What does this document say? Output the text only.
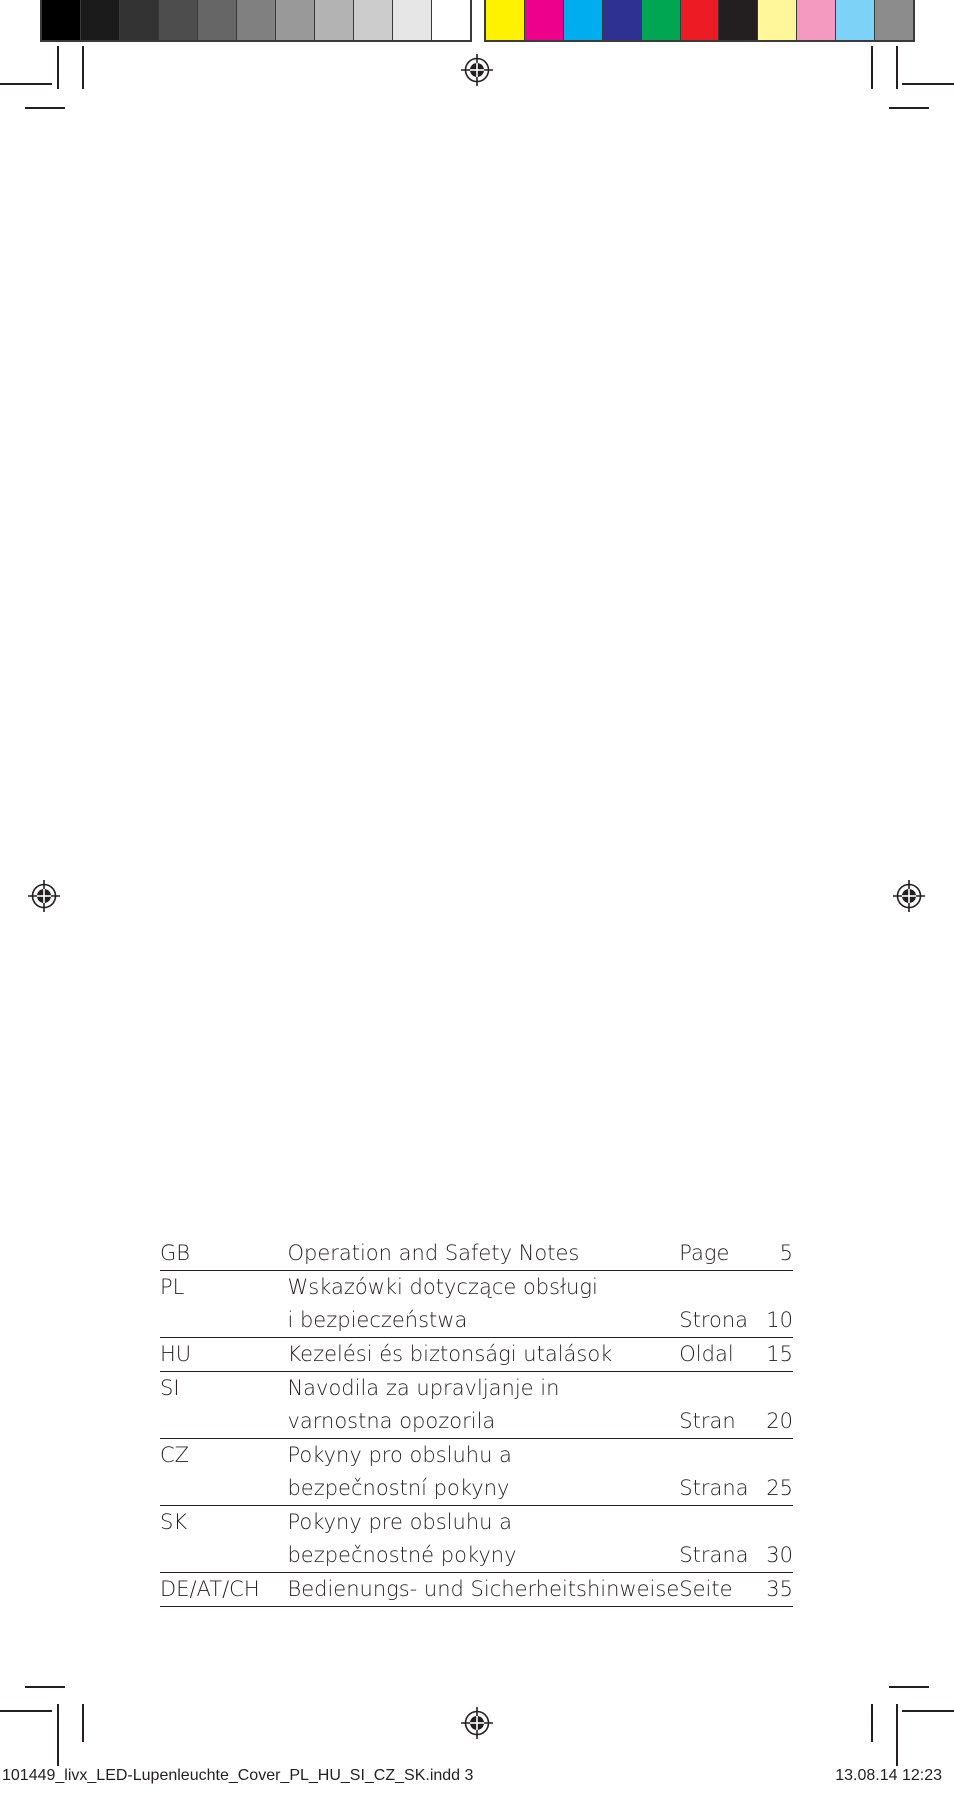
GB	Operation and Safety Notes	Page	5
PL	Wskazówki dotyczące obsługi		
	i bezpieczeństwa	Strona	10
HU	Kezelési és biztonsági utalások	Oldal	15
SI	Navodila za upravljanje in		
	varnostna opozorila	Stran	20
CZ	Pokyny pro obsluhu a		
	bezpečnostní pokyny	Strana	25
SK	Pokyny pre obsluhu a		
	bezpečnostné pokyny	Strana	30
DE/AT/CH	Bedienungs- und Sicherheitshinweise	Seite	35
101449_livx_LED-Lupenleuchte_Cover_PL_HU_SI_CZ_SK.indd 3	13.08.14 12:23
